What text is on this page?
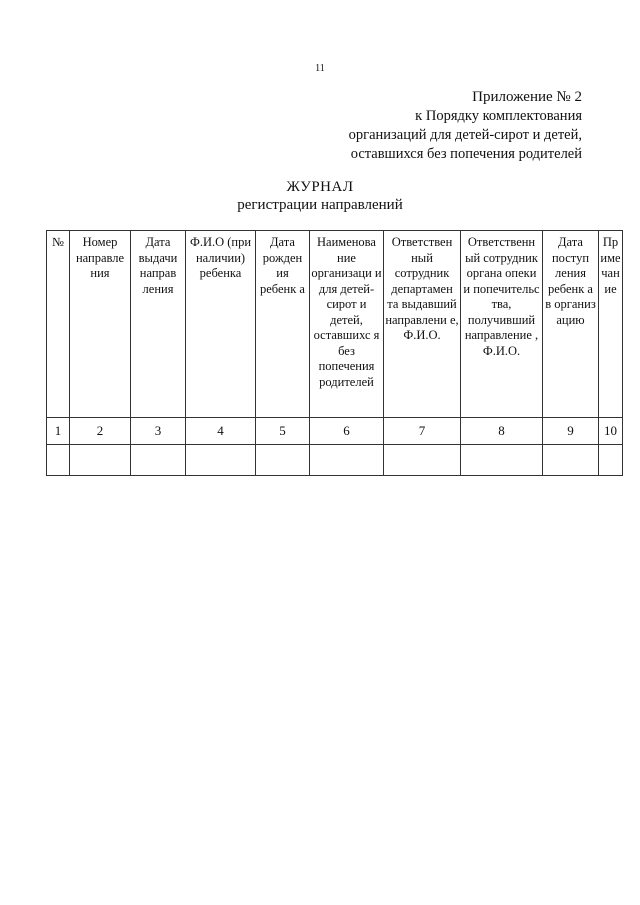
11
Приложение № 2
к Порядку комплектования
организаций для детей-сирот и детей,
оставшихся без попечения родителей
ЖУРНАЛ
регистрации направлений
№	Номер направле ния	Дата выдачи направ ления	Ф.И.О (при наличии) ребенка	Дата рожден ия ребенк а	Наименова ние организаци и для детей-сирот и детей, оставшихс я без попечения родителей	Ответствен ный сотрудник департамен та выдавший направлени е, Ф.И.О.	Ответственн ый сотрудник органа опеки и попечительс тва, получивший направление , Ф.И.О.	Дата поступ ления ребенк а в организ ацию	Пр име чан ие
1	2	3	4	5	6	7	8	9	10
